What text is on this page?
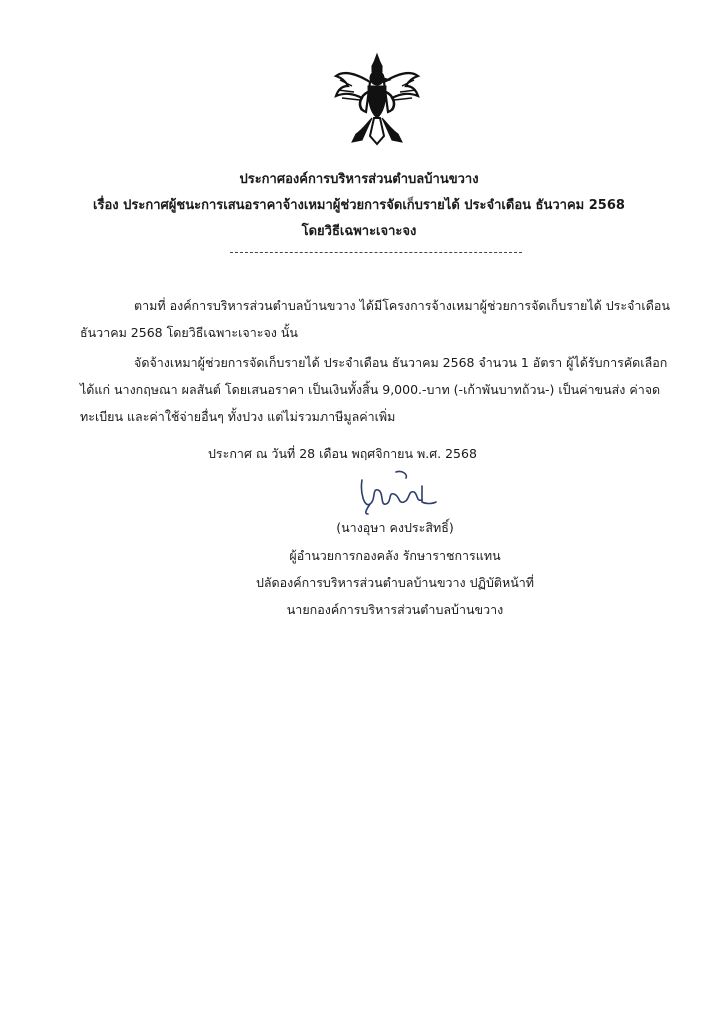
ประกาศองค์การบริหารส่วนตำบลบ้านขวาง
เรื่อง ประกาศผู้ชนะการเสนอราคาจ้างเหมาผู้ช่วยการจัดเก็บรายได้ ประจำเดือน ธันวาคม 2568
โดยวิธีเฉพาะเจาะจง
ตามที่ องค์การบริหารส่วนตำบลบ้านขวาง ได้มีโครงการจ้างเหมาผู้ช่วยการจัดเก็บรายได้ ประจำเดือน
ธันวาคม 2568 โดยวิธีเฉพาะเจาะจง นั้น
จัดจ้างเหมาผู้ช่วยการจัดเก็บรายได้ ประจำเดือน ธันวาคม 2568 จำนวน 1 อัตรา ผู้ได้รับการคัดเลือก
ได้แก่ นางกฤษณา ผลสันต์ โดยเสนอราคา เป็นเงินทั้งสิ้น 9,000.-บาท (-เก้าพันบาทถ้วน-) เป็นค่าขนส่ง ค่าจด
ทะเบียน และค่าใช้จ่ายอื่นๆ ทั้งปวง แต่ไม่รวมภาษีมูลค่าเพิ่ม
ประกาศ ณ วันที่ 28 เดือน พฤศจิกายน พ.ศ. 2568
(นางอุษา คงประสิทธิ์)
ผู้อำนวยการกองคลัง รักษาราชการแทน
ปลัดองค์การบริหารส่วนตำบลบ้านขวาง ปฏิบัติหน้าที่
นายกองค์การบริหารส่วนตำบลบ้านขวาง
